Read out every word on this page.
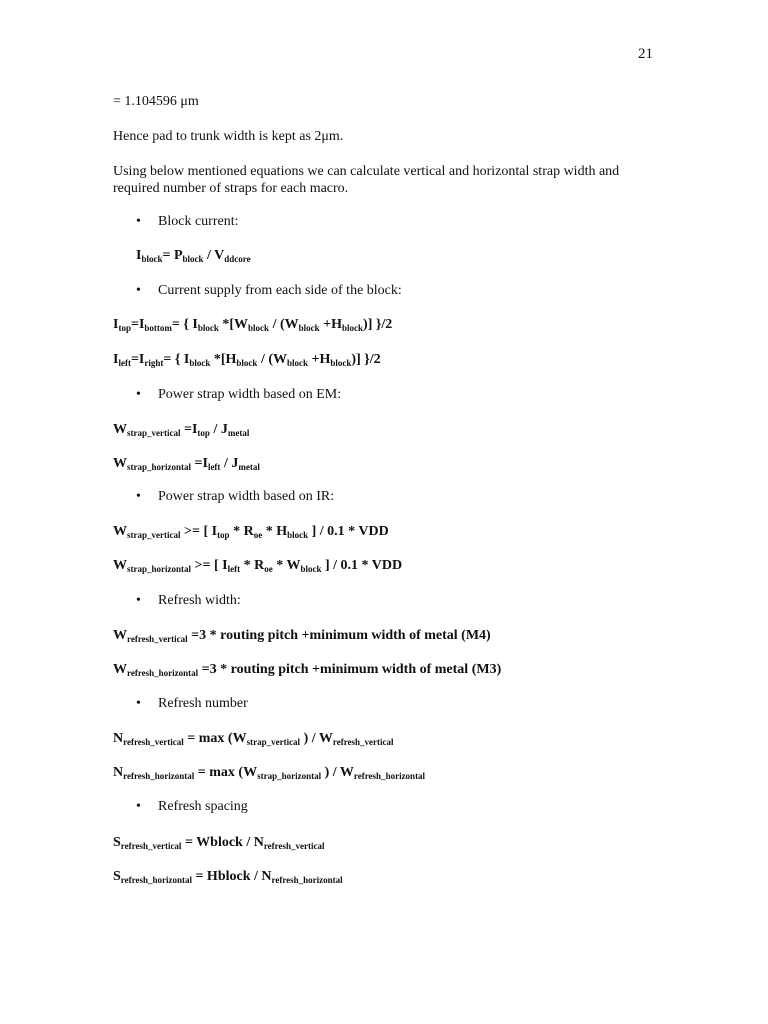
21
= 1.104596 μm
Hence pad to trunk width is kept as 2μm.
Using below mentioned equations we can calculate vertical and horizontal strap width and required number of straps for each macro.
• Block current:
$I_{block}= P_{block} / V_{ddcore}$
• Current supply from each side of the block:
$I_{top}=I_{bottom}=$ { $I_{block}$ $*[W_{block} / (W_{block} +H_{block})]$ }/2
$I_{left}=I_{right}=$ { $I_{block}$ $*[H_{block} / (W_{block} +H_{block})]$ }/2
• Power strap width based on EM:
$W_{strap\_vertical} =I_{top} / J_{metal}$
$W_{strap\_horizontal} =I_{left} / J_{metal}$
• Power strap width based on IR:
$W_{strap\_vertical}$ >= [ $I_{top} * R_{oe} * H_{block}$ ] / 0.1 * VDD
$W_{strap\_horizontal}$ >= [ $I_{left} * R_{oe} * W_{block}$ ] / 0.1 * VDD
• Refresh width:
$W_{refresh\_vertical} =3$ * routing pitch +minimum width of metal (M4)
$W_{refresh\_horizontal} =3$ * routing pitch +minimum width of metal (M3)
• Refresh number
$N_{refresh\_vertical} = \max (W_{strap\_vertical}$ ) / $W_{refresh\_vertical}$
$N_{refresh\_horizontal} = \max (W_{strap\_horizontal}$ ) / $W_{refresh\_horizontal}$
• Refresh spacing
$S_{refresh\_vertical}$ = Wblock / $N_{refresh\_vertical}$
$S_{refresh\_horizontal}$ = Hblock / $N_{refresh\_horizontal}$
